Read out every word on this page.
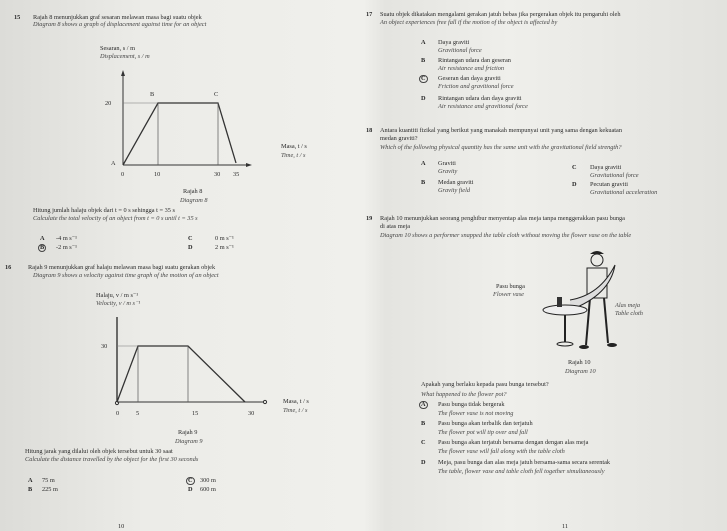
15 Rajah 8 menunjukkan graf sesaran melawan masa bagi suatu objek
Diagram 8 shows a graph of displacement against time for an object
Sesaran, s / m
Displacement, s / m
20
B	C
A
0	10	30 35
Masa, t / s
Time, t / s
Rajah 8
Diagram 8
Hitung jumlah halaju objek dari t = 0 s sehingga t = 35 s
Calculate the total velocity of an object from t = 0 s until t = 35 s
A -4 m s⁻¹
B	-2 m s⁻¹
C	0 m s⁻¹
D	2 m s⁻¹
16	Rajah 9 menunjukkan graf halaju melawan masa bagi suatu gerakan objek
Diagram 9 shows a velocity against time graph of the motion of an object
Halaju, v / m s⁻¹
Velocity, v / m s⁻¹
30
0	5	15	30
Masa, t / s
Time, t / s
Rajah 9
Diagram 9
Hitung jarak yang dilalui oleh objek tersebut untuk 30 saat
Calculate the distance travelled by the object for the first 30 seconds
A 75 m
B 225 m
C	300 m
D 600 m
10
17 Suatu objek dikatakan mengalami gerakan jatuh bebas jika pergerakan objek itu pengaruhi oleh
An object experiences free fall if the motion of the object is affected by
A Daya graviti
Gravitional force
B Rintangan udara dan geseran
Air resistance and friction
C	Geseran dan daya graviti
Friction and gravitional force
D Rintangan udara dan daya graviti
Air resistance and gravitional force
18 Antara kuantiti fizikal yang berikut yang manakah mempunyai unit yang sama dengan kekuatan
medan graviti?
Which of the following physical quantity has the same unit with the gravitational field strength?
A Graviti
Gravity
B Medan graviti
Gravity field
C Daya graviti
Gravitational force
D Pecutan graviti
Gravitational acceleration
19 Rajah 10 menunjukkan seorang penghibur menyentap alas meja tanpa menggerakkan pasu bunga
di atas meja
Diagram 10 shows a performer snapped the table cloth without moving the flower vase on the table
Pasu bunga
Flower vase
Alas meja
Table cloth
Rajah 10
Diagram 10
Apakah yang berlaku kepada pasu bunga tersebut?
What happened to the flower pot?
A	Pasu bunga tidak bergerak
The flower vase is not moving
B Pasu bunga akan terbalik dan terjatuh
The flower pot will tip over and fall
C Pasu bunga akan terjatuh bersama dengan dengan alas meja
The flower vase will fall along with the table cloth
D Meja, pasu bunga dan alas meja jatuh bersama-sama secara serentak
The table, flower vase and table cloth fell together simultaneously
11
